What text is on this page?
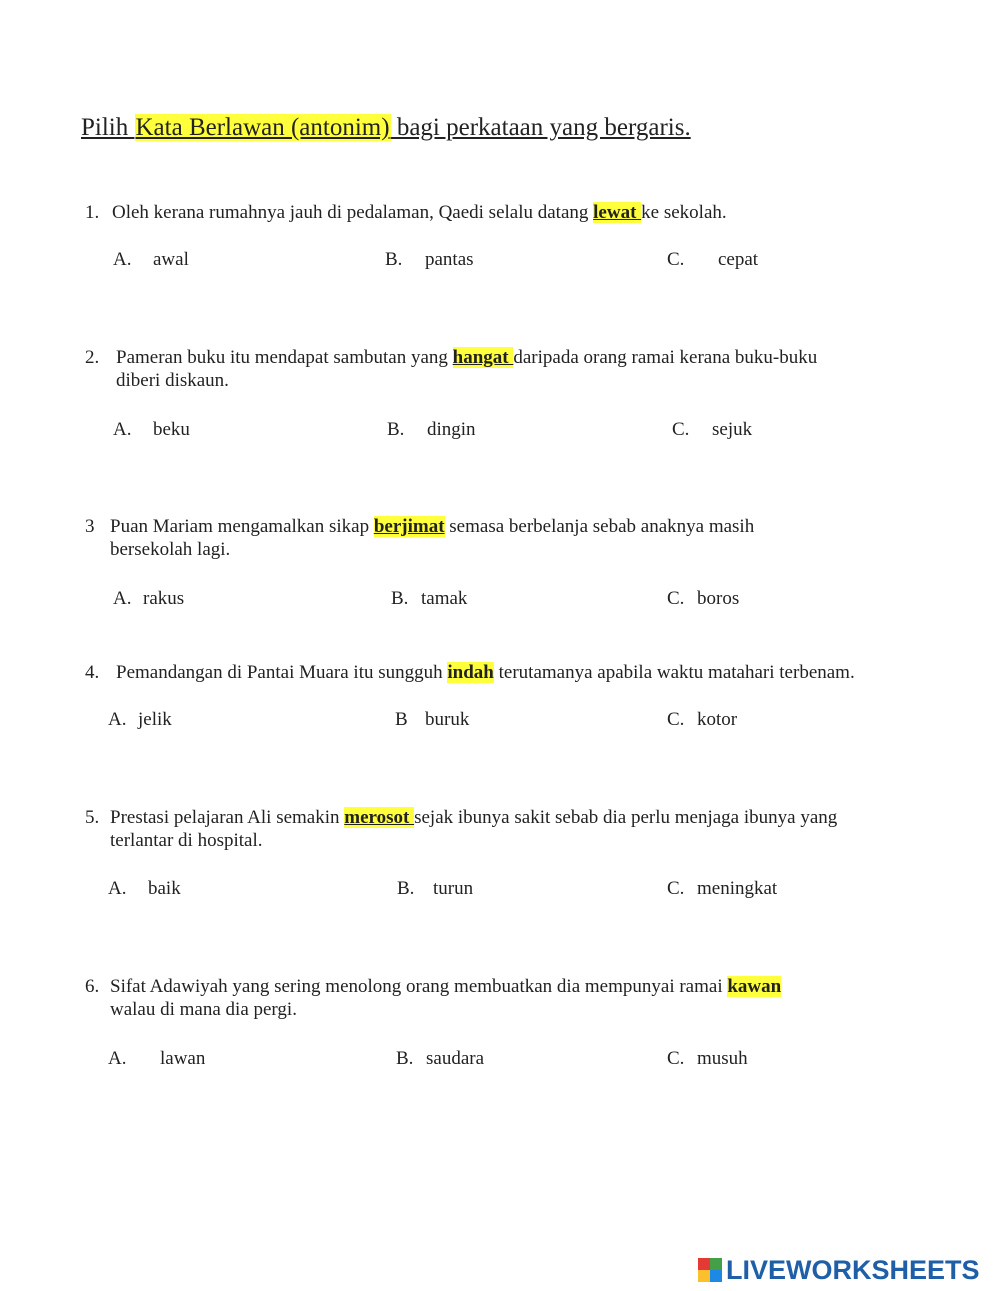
Pilih Kata Berlawan (antonim) bagi perkataan yang bergaris.
1. Oleh kerana rumahnya jauh di pedalaman, Qaedi selalu datang lewat ke sekolah.
A. awal	B. pantas	C. cepat
2. Pameran buku itu mendapat sambutan yang hangat daripada orang ramai kerana buku-buku
diberi diskaun.
A. beku	B. dingin	C. sejuk
3 Puan Mariam mengamalkan sikap berjimat semasa berbelanja sebab anaknya masih
bersekolah lagi.
A. rakus	B. tamak	C. boros
4. Pemandangan di Pantai Muara itu sungguh indah terutamanya apabila waktu matahari terbenam.
A. jelik	B buruk	C. kotor
5. Prestasi pelajaran Ali semakin merosot sejak ibunya sakit sebab dia perlu menjaga ibunya yang
terlantar di hospital.
A. baik	B. turun	C. meningkat
6. Sifat Adawiyah yang sering menolong orang membuatkan dia mempunyai ramai kawan
walau di mana dia pergi.
A. lawan	B. saudara	C. musuh
LIVEWORKSHEETS
